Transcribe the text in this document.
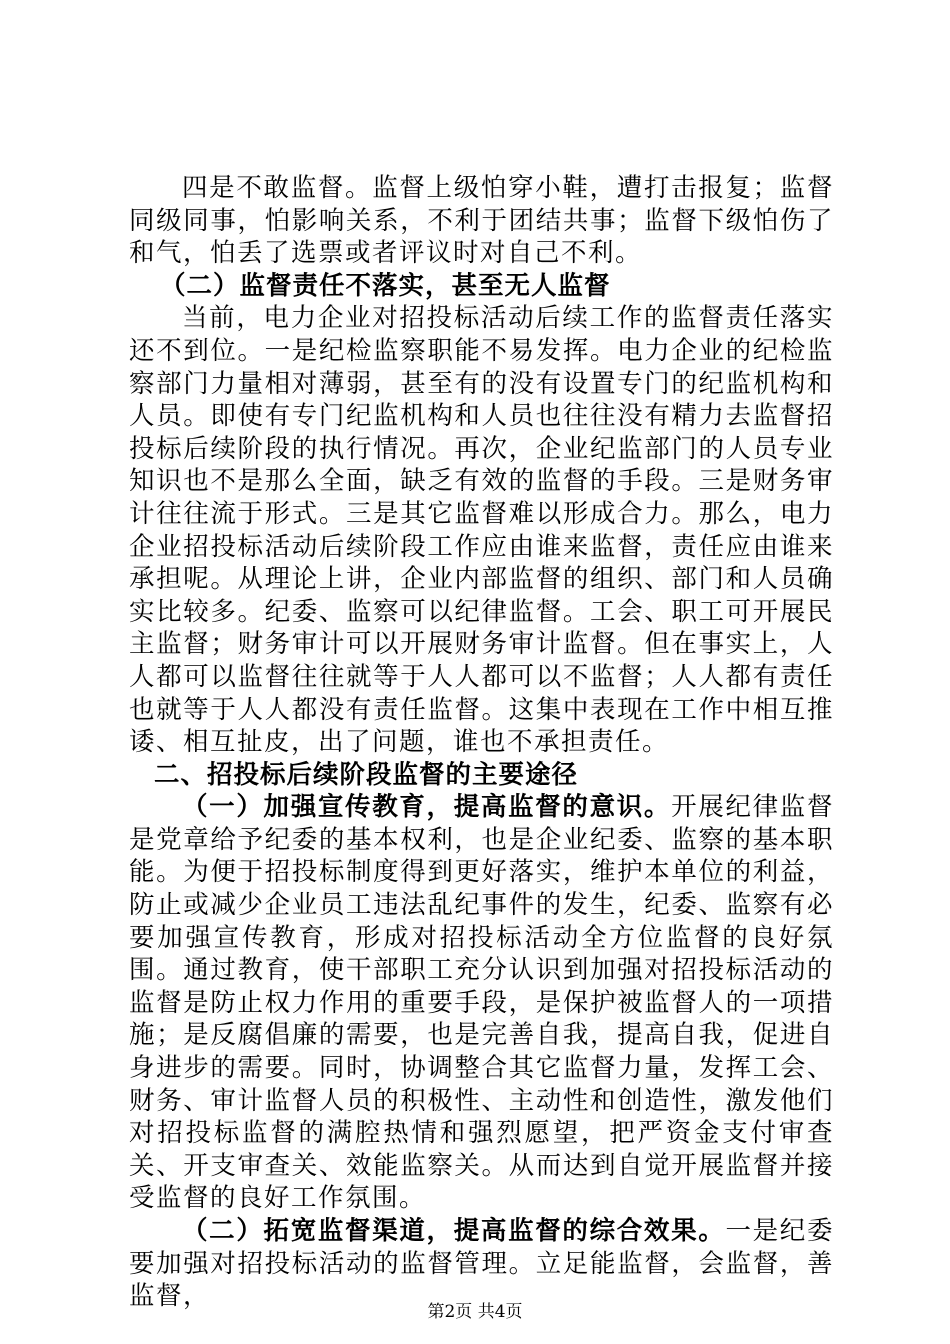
四是不敢监督。监督上级怕穿小鞋，遭打击报复；监督同级同事，怕影响关系，不利于团结共事；监督下级怕伤了和气，怕丢了选票或者评议时对自己不利。

（二）监督责任不落实，甚至无人监督

当前，电力企业对招投标活动后续工作的监督责任落实还不到位。一是纪检监察职能不易发挥。电力企业的纪检监察部门力量相对薄弱，甚至有的没有设置专门的纪监机构和人员。即使有专门纪监机构和人员也往往没有精力去监督招投标后续阶段的执行情况。再次，企业纪监部门的人员专业知识也不是那么全面，缺乏有效的监督的手段。三是财务审计往往流于形式。三是其它监督难以形成合力。那么，电力企业招投标活动后续阶段工作应由谁来监督，责任应由谁来承担呢。从理论上讲，企业内部监督的组织、部门和人员确实比较多。纪委、监察可以纪律监督。工会、职工可开展民主监督；财务审计可以开展财务审计监督。但在事实上，人人都可以监督往往就等于人人都可以不监督；人人都有责任也就等于人人都没有责任监督。这集中表现在工作中相互推诿、相互扯皮，出了问题，谁也不承担责任。

二、招投标后续阶段监督的主要途径

（一）加强宣传教育，提高监督的意识。开展纪律监督是党章给予纪委的基本权利，也是企业纪委、监察的基本职能。为便于招投标制度得到更好落实，维护本单位的利益，防止或减少企业员工违法乱纪事件的发生，纪委、监察有必要加强宣传教育，形成对招投标活动全方位监督的良好氛围。通过教育，使干部职工充分认识到加强对招投标活动的监督是防止权力作用的重要手段，是保护被监督人的一项措施；是反腐倡廉的需要，也是完善自我，提高自我，促进自身进步的需要。同时，协调整合其它监督力量，发挥工会、财务、审计监督人员的积极性、主动性和创造性，激发他们对招投标监督的满腔热情和强烈愿望，把严资金支付审查关、开支审查关、效能监察关。从而达到自觉开展监督并接受监督的良好工作氛围。

（二）拓宽监督渠道，提高监督的综合效果。一是纪委要加强对招投标活动的监督管理。立足能监督，会监督，善监督，

第2页 共4页
